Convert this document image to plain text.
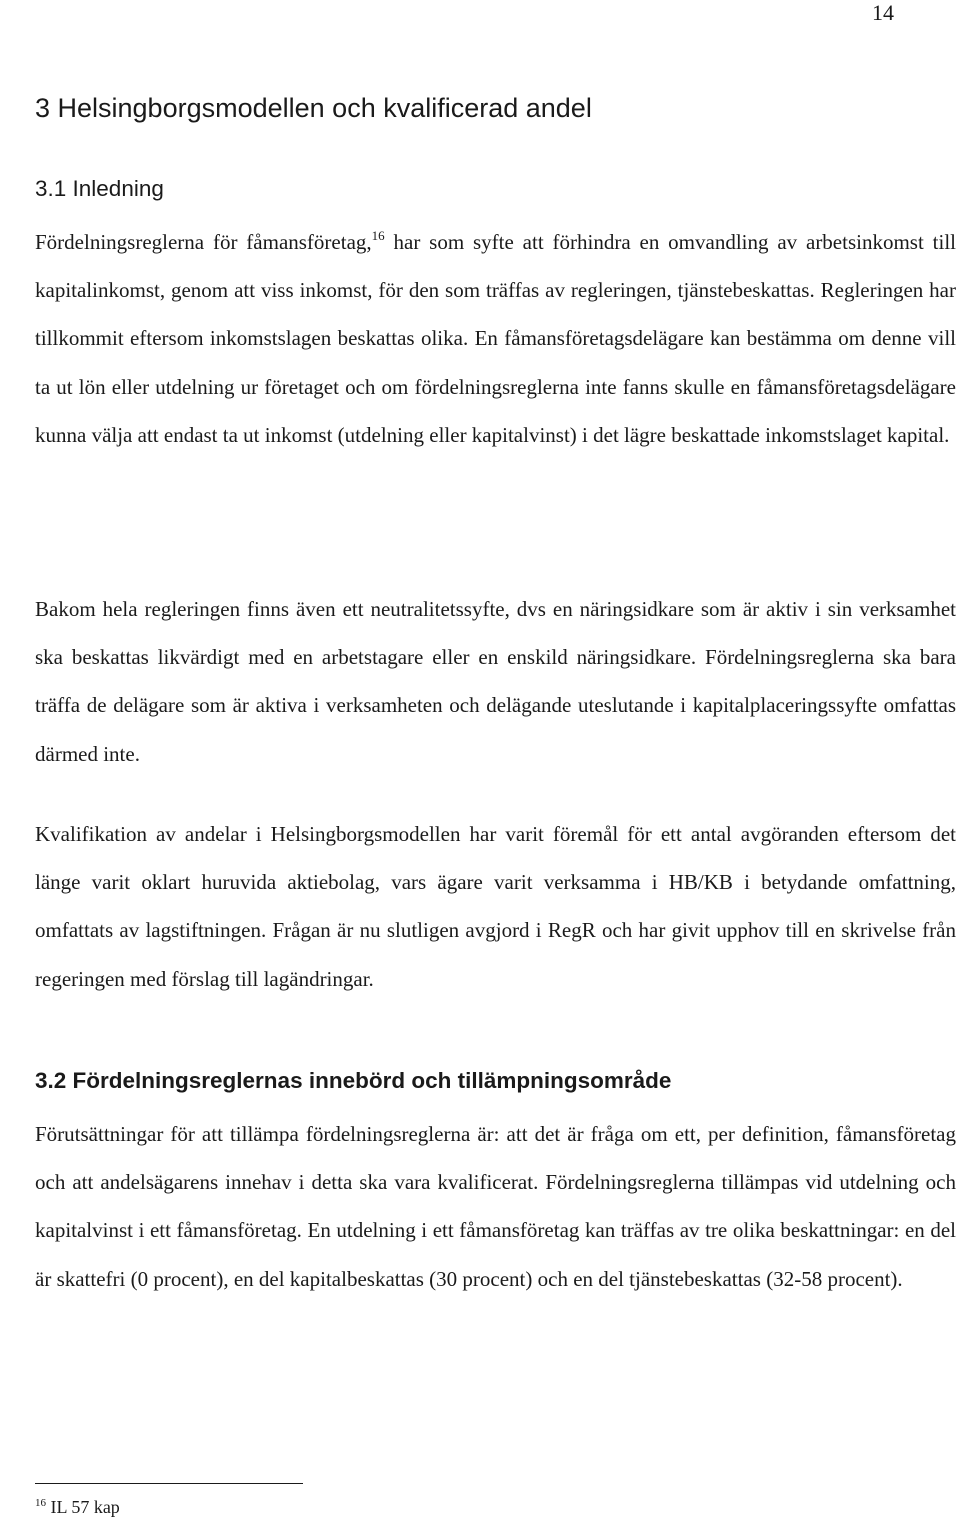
14
3 Helsingborgsmodellen och kvalificerad andel
3.1 Inledning

Fördelningsreglerna för fåmansföretag,$^{16}$ har som syfte att förhindra en omvandling av arbetsinkomst till kapitalinkomst, genom att viss inkomst, för den som träffas av regleringen, tjänstebeskattas. Regleringen har tillkommit eftersom inkomstslagen beskattas olika. En fåmansföretagsdelägare kan bestämma om denne vill ta ut lön eller utdelning ur företaget och om fördelningsreglerna inte fanns skulle en fåmansföretagsdelägare kunna välja att endast ta ut inkomst (utdelning eller kapitalvinst) i det lägre beskattade inkomstslaget kapital.

Bakom hela regleringen finns även ett neutralitetssyfte, dvs en näringsidkare som är aktiv i sin verksamhet ska beskattas likvärdigt med en arbetstagare eller en enskild näringsidkare. Fördelningsreglerna ska bara träffa de delägare som är aktiva i verksamheten och delägande uteslutande i kapitalplaceringssyfte omfattas därmed inte.

Kvalifikation av andelar i Helsingborgsmodellen har varit föremål för ett antal avgöranden eftersom det länge varit oklart huruvida aktiebolag, vars ägare varit verksamma i HB/KB i betydande omfattning, omfattats av lagstiftningen. Frågan är nu slutligen avgjord i RegR och har givit upphov till en skrivelse från regeringen med förslag till lagändringar.

3.2 Fördelningsreglernas innebörd och tillämpningsområde

Förutsättningar för att tillämpa fördelningsreglerna är: att det är fråga om ett, per definition, fåmansföretag och att andelsägarens innehav i detta ska vara kvalificerat. Fördelningsreglerna tillämpas vid utdelning och kapitalvinst i ett fåmansföretag. En utdelning i ett fåmansföretag kan träffas av tre olika beskattningar: en del är skattefri (0 procent), en del kapitalbeskattas (30 procent) och en del tjänstebeskattas (32-58 procent).

$^{16}$ IL 57 kap
